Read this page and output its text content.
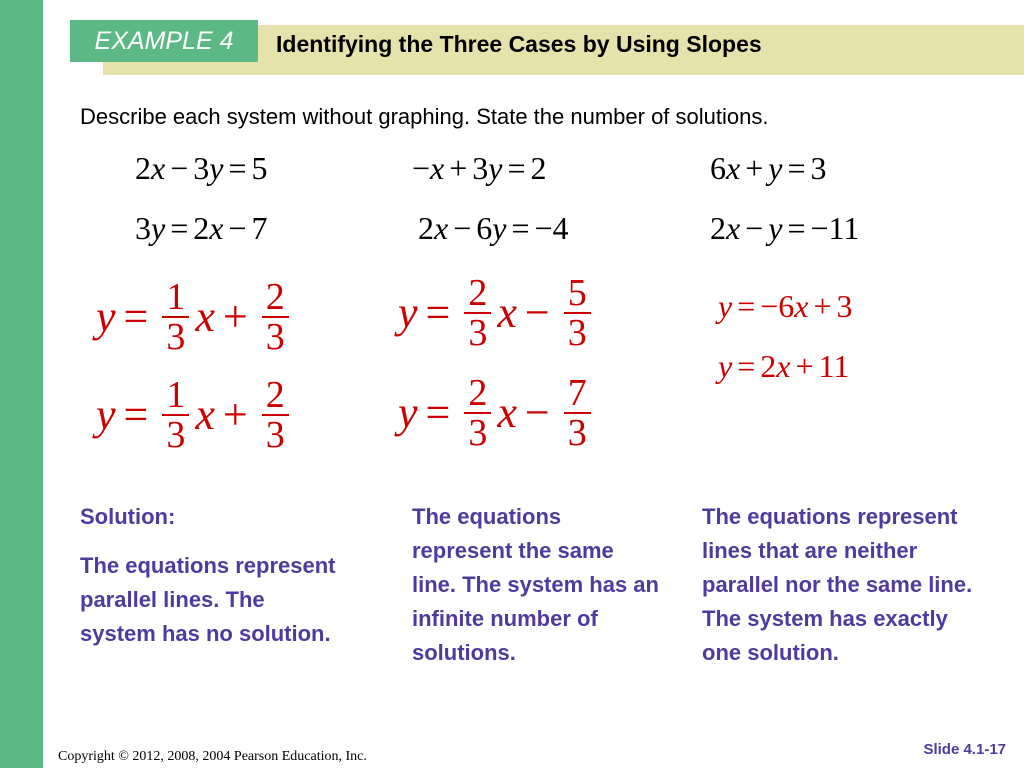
EXAMPLE 4	Identifying the Three Cases by Using Slopes
Describe each system without graphing. State the number of solutions.
2x − 3y = 5
3y = 2x − 7
−x + 3y = 2
2x − 6y = −4
6x + y = 3
2x − y = −11
$y = \frac{1}{3}$ $x + \frac{2}{3}$
$y = \frac{1}{3}$ $x + \frac{2}{3}$
$y = \frac{2}{3}$ $x - \frac{5}{3}$
$y = \frac{2}{3}$ $x - \frac{7}{3}$
y = −6x + 3
y = 2x + 11

Solution:

The equations represent parallel lines. The system has no solution.

The equations represent the same line. The system has an infinite number of solutions.

The equations represent lines that are neither parallel nor the same line. The system has exactly one solution.

Copyright © 2012, 2008, 2004 Pearson Education, Inc.	Slide 4.1-17
